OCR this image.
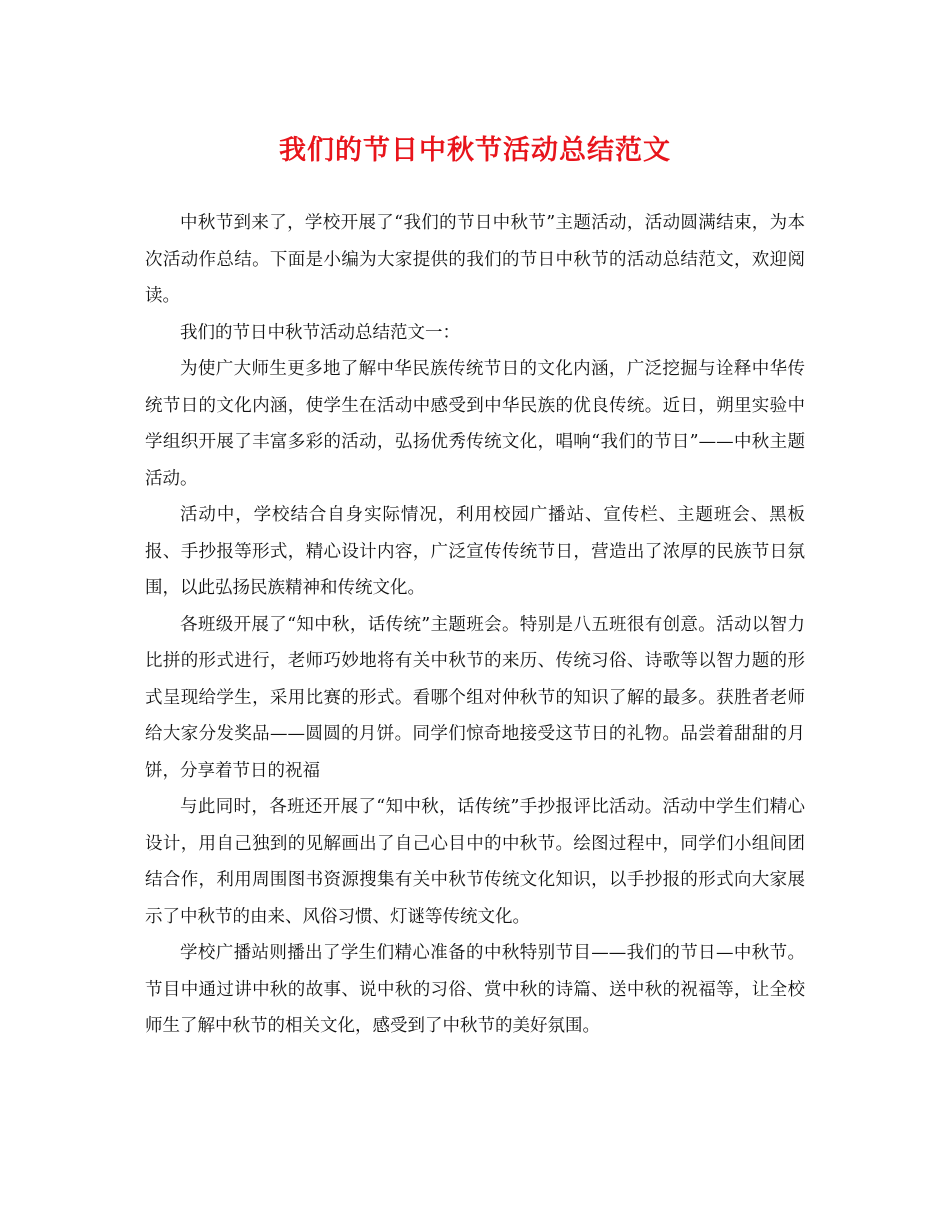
我们的节日中秋节活动总结范文

中秋节到来了，学校开展了“我们的节日中秋节”主题活动，活动圆满结束，为本次活动作总结。下面是小编为大家提供的我们的节日中秋节的活动总结范文，欢迎阅读。

我们的节日中秋节活动总结范文一：

为使广大师生更多地了解中华民族传统节日的文化内涵，广泛挖掘与诠释中华传统节日的文化内涵，使学生在活动中感受到中华民族的优良传统。近日，朔里实验中学组织开展了丰富多彩的活动，弘扬优秀传统文化，唱响“我们的节日”——中秋主题活动。

活动中，学校结合自身实际情况，利用校园广播站、宣传栏、主题班会、黑板报、手抄报等形式，精心设计内容，广泛宣传传统节日，营造出了浓厚的民族节日氛围，以此弘扬民族精神和传统文化。

各班级开展了“知中秋，话传统”主题班会。特别是八五班很有创意。活动以智力比拼的形式进行，老师巧妙地将有关中秋节的来历、传统习俗、诗歌等以智力题的形式呈现给学生，采用比赛的形式。看哪个组对仲秋节的知识了解的最多。获胜者老师给大家分发奖品——圆圆的月饼。同学们惊奇地接受这节日的礼物。品尝着甜甜的月饼，分享着节日的祝福

与此同时，各班还开展了“知中秋，话传统”手抄报评比活动。活动中学生们精心设计，用自己独到的见解画出了自己心目中的中秋节。绘图过程中，同学们小组间团结合作，利用周围图书资源搜集有关中秋节传统文化知识，以手抄报的形式向大家展示了中秋节的由来、风俗习惯、灯谜等传统文化。

学校广播站则播出了学生们精心准备的中秋特别节目——我们的节日—中秋节。节目中通过讲中秋的故事、说中秋的习俗、赏中秋的诗篇、送中秋的祝福等，让全校师生了解中秋节的相关文化，感受到了中秋节的美好氛围。
